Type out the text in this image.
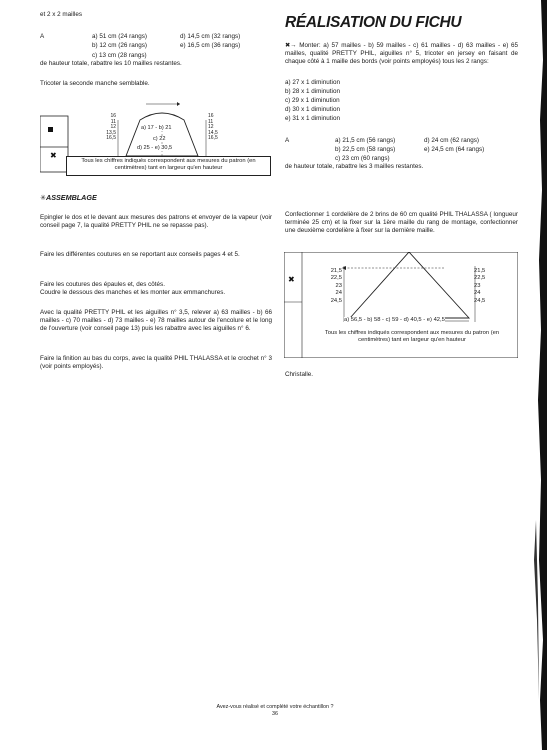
et 2 x 2 mailles
A	a) 51 cm (24 rangs)	d) 14,5 cm (32 rangs)
b) 12 cm (26 rangs)	e) 16,5 cm (36 rangs)
c) 13 cm (28 rangs)
de hauteur totale, rabattre les 10 mailles restantes.
Tricoter la seconde manche semblable.
✖
16
11
12
13,5
16,5
16
11
12
14,5
16,5
a) 17 - b) 21
c) 22
d) 25 - e) 30,5
Tous les chiffres indiqués correspondent aux mesures du patron (en centimètres) tant en largeur qu'en hauteur
✳ASSEMBLAGE
Epingler le dos et le devant aux mesures des patrons et envoyer de la vapeur (voir conseil page 7, la qualité PRETTY PHIL ne se repasse pas).
Faire les différentes coutures en se reportant aux conseils pages 4 et 5.
Faire les coutures des épaules et, des côtés.
Coudre le dessous des manches et les monter aux emmanchures.
Avec la qualité PRETTY PHIL et les aiguilles n° 3,5, relever a) 63 mailles - b) 66 mailles - c) 70 mailles - d) 73 mailles - e) 78 mailles autour de l'encolure et le long de l'ouverture (voir conseil page 13) puis les rabattre avec les aiguilles n° 6.
Faire la finition au bas du corps, avec la qualité PHIL THALASSA et le crochet n° 3 (voir points employés).
RÉALISATION DU FICHU
✖→ Monter: a) 57 mailles - b) 59 mailles - c) 61 mailles - d) 63 mailles - e) 65 mailles, qualité PRETTY PHIL, aiguilles n° 5, tricoter en jersey en faisant de chaque côté à 1 maille des bords (voir points employés) tous les 2 rangs:
a) 27 x 1 diminution
b) 28 x 1 diminution
c) 29 x 1 diminution
d) 30 x 1 diminution
e) 31 x 1 diminution
A	a) 21,5 cm (56 rangs)	d) 24 cm (62 rangs)
b) 22,5 cm (58 rangs)	e) 24,5 cm (64 rangs)
c) 23 cm (60 rangs)
de hauteur totale, rabattre les 3 mailles restantes.
Confectionner 1 cordelière de 2 brins de 60 cm qualité PHIL THALASSA ( longueur terminée 25 cm) et la fixer sur la 1ère maille du rang de montage, confectionner une deuxième cordelière à fixer sur la dernière maille.
✖
21,5
22,5
23
24
24,5
21,5
22,5
23
24
24,5
a) 56,5 - b) 58 - c) 59 - d) 40,5 - e) 42,5
Tous les chiffres indiqués correspondent aux mesures du patron (en centimètres) tant en largeur qu'en hauteur
Christalle.
Avez-vous réalisé et complété votre échantillon ?
36
